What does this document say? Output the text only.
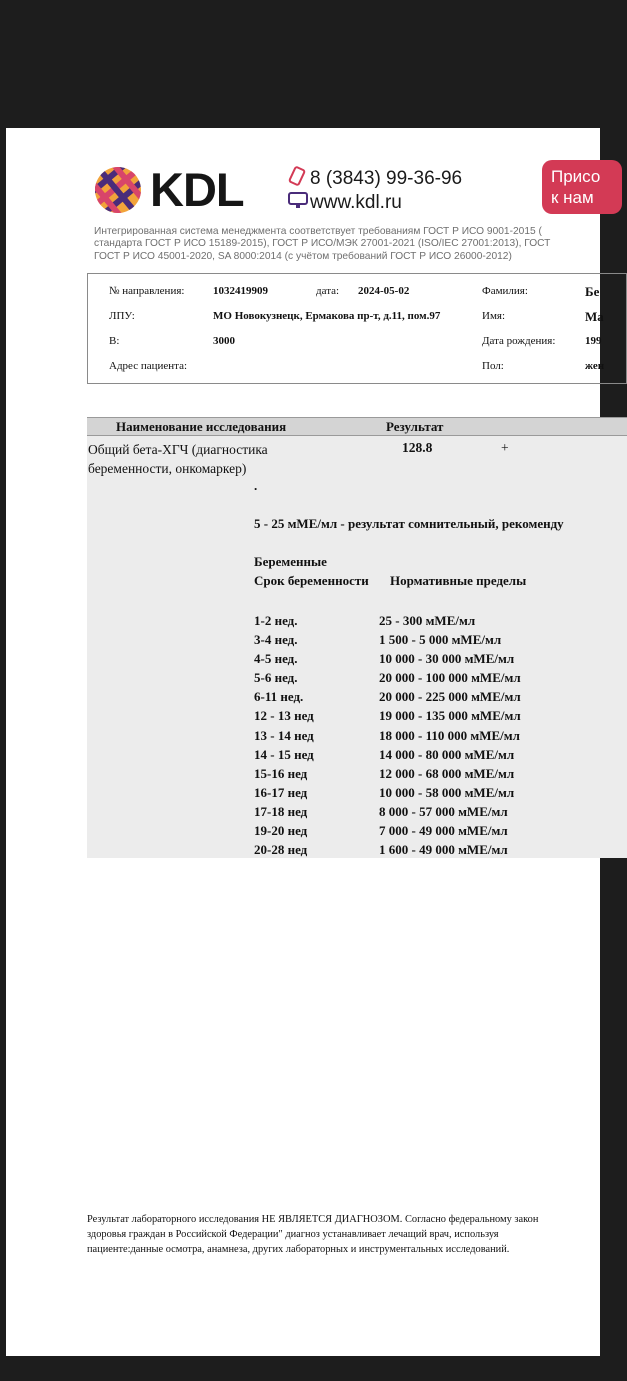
KDL	8 (3843) 99-36-96
www.kdl.ru
Присо
к нам
Интегрированная система менеджмента соответствует требованиям ГОСТ Р ИСО 9001-2015 (
стандарта ГОСТ Р ИСО 15189-2015), ГОСТ Р ИСО/МЭК 27001-2021 (ISO/IEC 27001:2013), ГОСТ
ГОСТ Р ИСО 45001-2020, SA 8000:2014 (с учётом требований ГОСТ Р ИСО 26000-2012)
№ направления:	1032419909	дата: 2024-05-02	Фамилия:	Бе
ЛПУ:	МО Новокузнецк, Ермакова пр-т, д.11, пом.97	Имя:	Ма
В:	3000	Дата рождения:	199
Адрес пациента:	Пол:	жен
Наименование исследования	Результат
Общий бета-ХГЧ (диагностика
беременности, онкомаркер)
128.8	+
.
5 - 25 мМЕ/мл - результат сомнительный, рекоменду
Беременные
Срок беременности Нормативные пределы
1-2 нед.	25 - 300 мМЕ/мл
3-4 нед.	1 500 - 5 000 мМЕ/мл
4-5 нед.	10 000 - 30 000 мМЕ/мл
5-6 нед.	20 000 - 100 000 мМЕ/мл
6-11 нед.	20 000 - 225 000 мМЕ/мл
12 - 13 нед	19 000 - 135 000 мМЕ/мл
13 - 14 нед	18 000 - 110 000 мМЕ/мл
14 - 15 нед	14 000 - 80 000 мМЕ/мл
15-16 нед	12 000 - 68 000 мМЕ/мл
16-17 нед	10 000 - 58 000 мМЕ/мл
17-18 нед	8 000 - 57 000 мМЕ/мл
19-20 нед	7 000 - 49 000 мМЕ/мл
20-28 нед	1 600 - 49 000 мМЕ/мл
Результат лабораторного исследования НЕ ЯВЛЯЕТСЯ ДИАГНОЗОМ. Согласно федеральному закон
здоровья граждан в Российской Федерации" диагноз устанавливает лечащий врач, используя
пациенте:данные осмотра, анамнеза, других лабораторных и инструментальных исследований.
